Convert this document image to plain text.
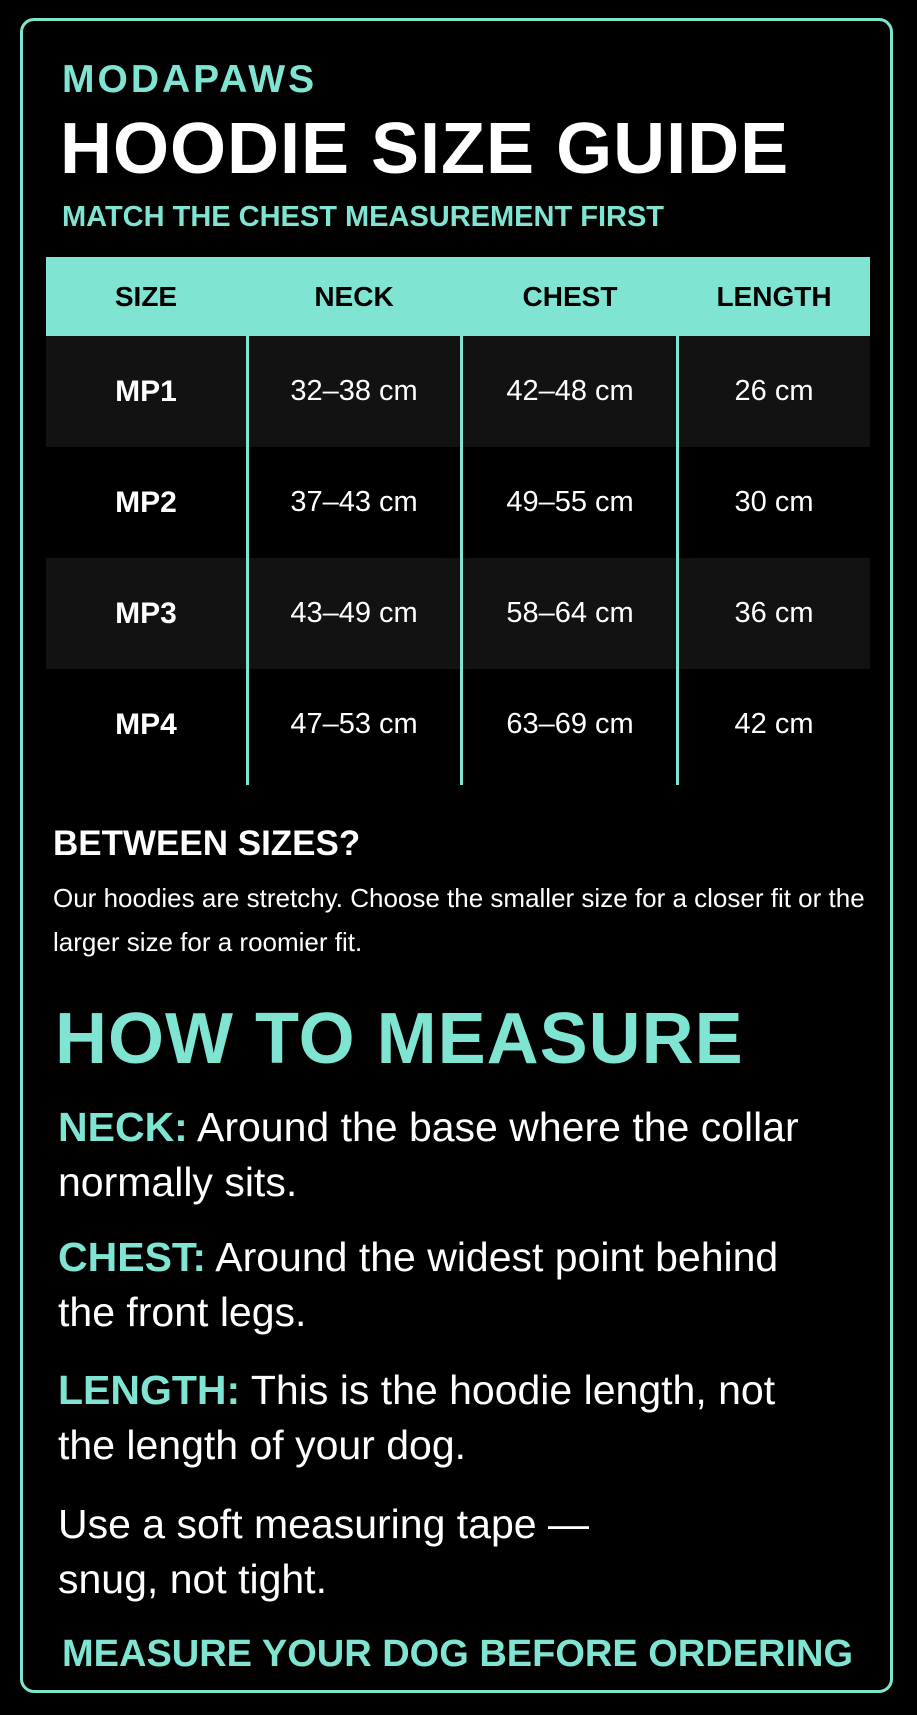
MODAPAWS
HOODIE SIZE GUIDE
MATCH THE CHEST MEASUREMENT FIRST
SIZE	NECK	CHEST	LENGTH
MP1	32–38 cm	42–48 cm	26 cm
MP2	37–43 cm	49–55 cm	30 cm
MP3	43–49 cm	58–64 cm	36 cm
MP4	47–53 cm	63–69 cm	42 cm
BETWEEN SIZES?
Our hoodies are stretchy. Choose the smaller size for a closer fit or the larger size for a roomier fit.
HOW TO MEASURE
NECK: Around the base where the collar normally sits.
CHEST: Around the widest point behind the front legs.
LENGTH: This is the hoodie length, not the length of your dog.
Use a soft measuring tape — snug, not tight.
MEASURE YOUR DOG BEFORE ORDERING
